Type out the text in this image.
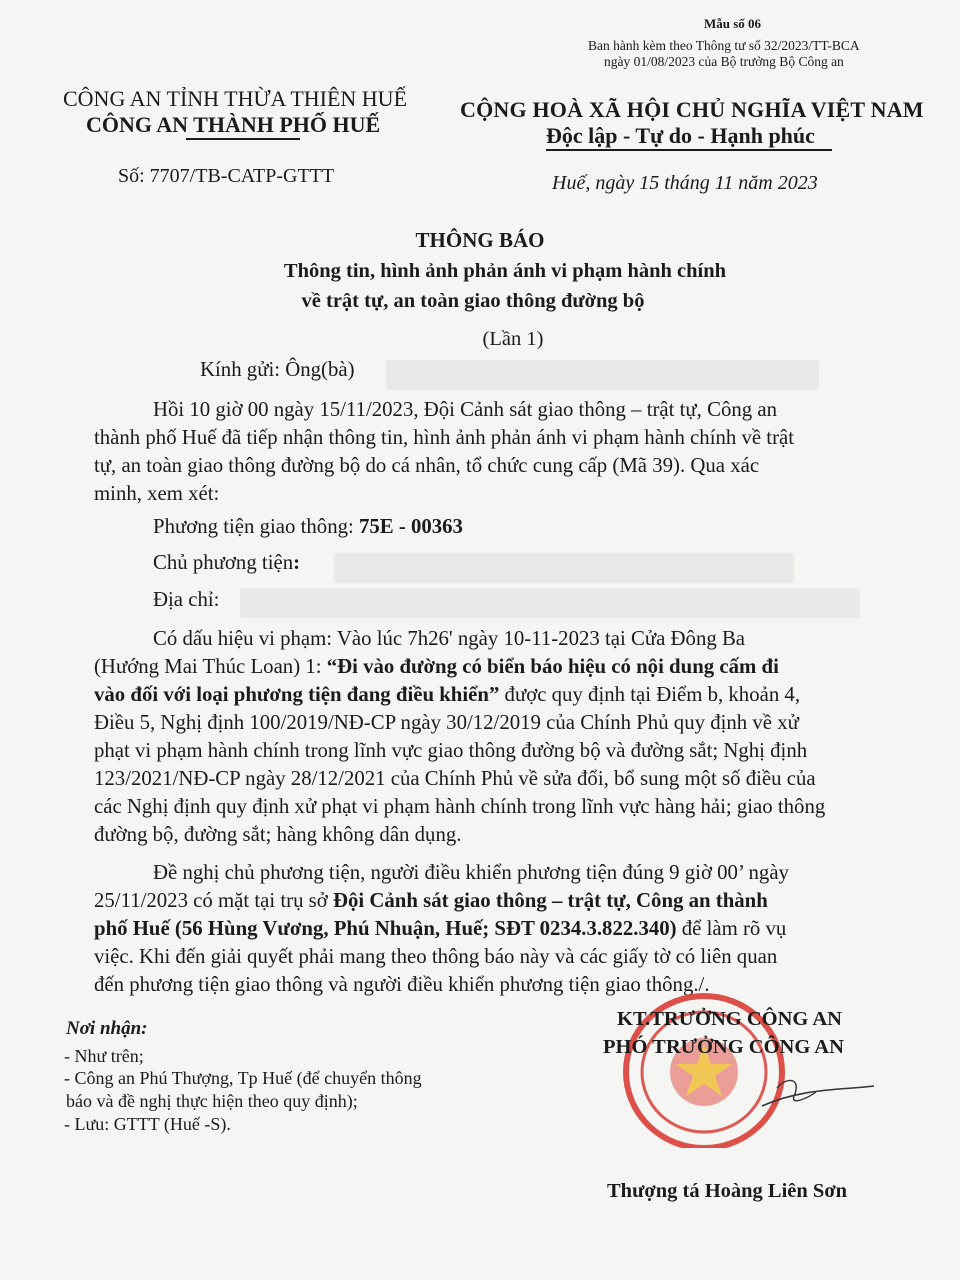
Mẫu số 06
Ban hành kèm theo Thông tư số 32/2023/TT-BCA
ngày 01/08/2023 của Bộ trưởng Bộ Công an
CÔNG AN TỈNH THỪA THIÊN HUẾ
CÔNG AN THÀNH PHỐ HUẾ
CỘNG HOÀ XÃ HỘI CHỦ NGHĨA VIỆT NAM
Độc lập - Tự do - Hạnh phúc
Số: 7707/TB-CATP-GTTT	Huế, ngày 15 tháng 11 năm 2023
THÔNG BÁO
Thông tin, hình ảnh phản ánh vi phạm hành chính
về trật tự, an toàn giao thông đường bộ
(Lần 1)
Kính gửi: Ông(bà)
Hồi 10 giờ 00 ngày 15/11/2023, Đội Cảnh sát giao thông – trật tự, Công an
thành phố Huế đã tiếp nhận thông tin, hình ảnh phản ánh vi phạm hành chính về trật
tự, an toàn giao thông đường bộ do cá nhân, tổ chức cung cấp (Mã 39). Qua xác
minh, xem xét:
Phương tiện giao thông: 75E - 00363
Chủ phương tiện:
Địa chỉ:
Có dấu hiệu vi phạm: Vào lúc 7h26' ngày 10-11-2023 tại Cửa Đông Ba
(Hướng Mai Thúc Loan) 1: “Đi vào đường có biển báo hiệu có nội dung cấm đi
vào đối với loại phương tiện đang điều khiển” được quy định tại Điểm b, khoản 4,
Điều 5, Nghị định 100/2019/NĐ-CP ngày 30/12/2019 của Chính Phủ quy định về xử
phạt vi phạm hành chính trong lĩnh vực giao thông đường bộ và đường sắt; Nghị định
123/2021/NĐ-CP ngày 28/12/2021 của Chính Phủ về sửa đổi, bổ sung một số điều của
các Nghị định quy định xử phạt vi phạm hành chính trong lĩnh vực hàng hải; giao thông
đường bộ, đường sắt; hàng không dân dụng.
Đề nghị chủ phương tiện, người điều khiển phương tiện đúng 9 giờ 00’ ngày
25/11/2023 có mặt tại trụ sở Đội Cảnh sát giao thông – trật tự, Công an thành
phố Huế (56 Hùng Vương, Phú Nhuận, Huế; SĐT 0234.3.822.340) để làm rõ vụ
việc. Khi đến giải quyết phải mang theo thông báo này và các giấy tờ có liên quan
đến phương tiện giao thông và người điều khiển phương tiện giao thông./.
Nơi nhận:
- Như trên;
- Công an Phú Thượng, Tp Huế (để chuyển thông
báo và đề nghị thực hiện theo quy định);
- Lưu: GTTT (Huế -S).
KT.TRƯỞNG CÔNG AN
PHÓ TRƯỞNG CÔNG AN
Thượng tá Hoàng Liên Sơn
